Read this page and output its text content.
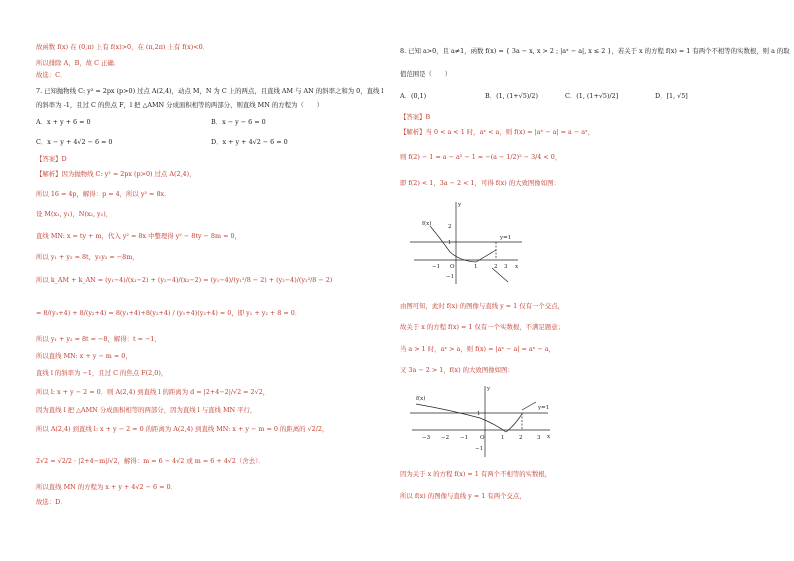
故函数 f(x) 在 (0,π) 上有 f(x)>0，在 (π,2π) 上有 f(x)<0．
所以排除 A，B，故 C 正确．
故选：C．
7. 已知抛物线 C: y² = 2px (p>0) 过点 A(2,4)，动点 M，N 为 C 上的两点，且直线 AM 与 AN 的斜率之和为 0，直线 l
的斜率为 -1，且过 C 的焦点 F，l 把 △AMN 分成面积相等的两部分，则直线 MN 的方程为（　　）
A．x + y + 6 = 0	B．x − y − 6 = 0
C．x − y + 4√2 − 6 = 0	D．x + y + 4√2 − 6 = 0
【答案】D
【解析】因为抛物线 C: y² = 2px (p>0) 过点 A(2,4)，
所以 16 = 4p，解得：p = 4，所以 y² = 8x．
设 M(x₁, y₁)，N(x₂, y₂)，
直线 MN: x = ty + m，代入 y² = 8x 中整理得 y² − 8ty − 8m = 0，
所以 y₁ + y₂ = 8t，y₁y₂ = −8m，
所以 k_AM + k_AN = (y₁−4)/(x₁−2) + (y₂−4)/(x₂−2) = (y₁−4)/(y₁²/8 − 2) + (y₂−4)/(y₂²/8 − 2)
= 8/(y₁+4) + 8/(y₂+4) = 8(y₁+4)+8(y₂+4) / (y₁+4)(y₂+4) = 0，即 y₁ + y₂ + 8 = 0．
所以 y₁ + y₂ = 8t = −8，解得：t = −1，
所以直线 MN: x + y − m = 0，
直线 l 的斜率为 −1，且过 C 的焦点 F(2,0)，
所以 l: x + y − 2 = 0．则 A(2,4) 到直线 l 的距离为 d = |2+4−2|/√2 = 2√2，
因为直线 l 把 △AMN 分成面积相等的两部分，因为直线 l 与直线 MN 平行，
所以 A(2,4) 到直线 l: x + y − 2 = 0 的距离为 A(2,4) 到直线 MN: x + y − m = 0 的距离的 √2/2，
2√2 = √2/2 · |2+4−m|/√2，解得：m = 6 − 4√2 或 m = 6 + 4√2（舍去）．
所以直线 MN 的方程为 x + y + 4√2 − 6 = 0．
故选：D．
8. 已知 a>0，且 a≠1，函数 f(x) = { 3a − x, x > 2 ; |aˣ − a|, x ≤ 2 }，若关于 x 的方程 f(x) = 1 有两个不相等的实数根，则 a 的取
值范围是（　　）
A．(0,1)	B．(1, (1+√5)/2)	C．(1, (1+√5)/2]	D．[1, √5]
【答案】B
【解析】当 0 < a < 1 时，aˣ < a，则 f(x) = |aˣ − a| = a − aˣ，
则 f(2) − 1 = a − a² − 1 = −(a − 1/2)² − 3/4 < 0，
即 f(2) < 1，3a − 2 < 1，可得 f(x) 的大致图像如图：
f(x)
y=1
x
y
−1 O	1	2 3
2
1
−1
由图可知，此时 f(x) 的图像与直线 y = 1 仅有一个交点，
故关于 x 的方程 f(x) = 1 仅有一个实数根，不满足题意；
当 a > 1 时，aˣ > a，则 f(x) = |aˣ − a| = aˣ − a，
又 3a − 2 > 1，f(x) 的大致图像如图：
f(x)
y=1
x
y
−3 −2 −1 O	1	2	3
1
−1
因为关于 x 的方程 f(x) = 1 有两个不相等的实数根，
所以 f(x) 的图像与直线 y = 1 有两个交点，
